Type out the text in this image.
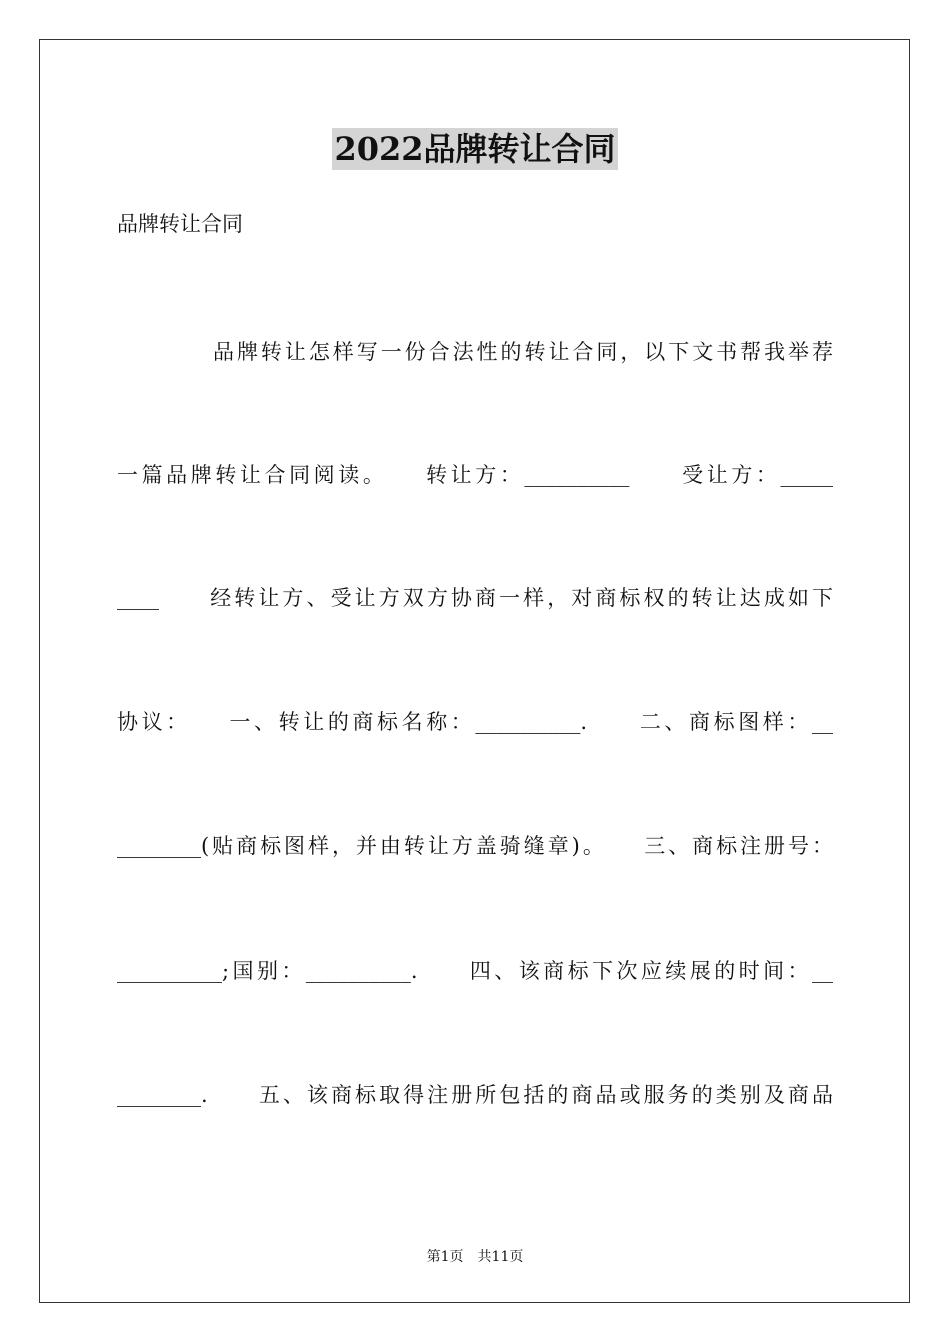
2022品牌转让合同

品牌转让合同

品牌转让怎样写一份合法性的转让合同，以下文书帮我举荐

一篇品牌转让合同阅读。　　转让方：__________　　受让方：_____

____　　经转让方、受让方双方协商一样，对商标权的转让达成如下

协议：　　一、转让的商标名称：__________.　　二、商标图样：__

________(贴商标图样，并由转让方盖骑缝章)。　　三、商标注册号：

__________;国别：__________.　　四、该商标下次应续展的时间：__

________.　　五、该商标取得注册所包括的商品或服务的类别及商品

第1页　共11页
